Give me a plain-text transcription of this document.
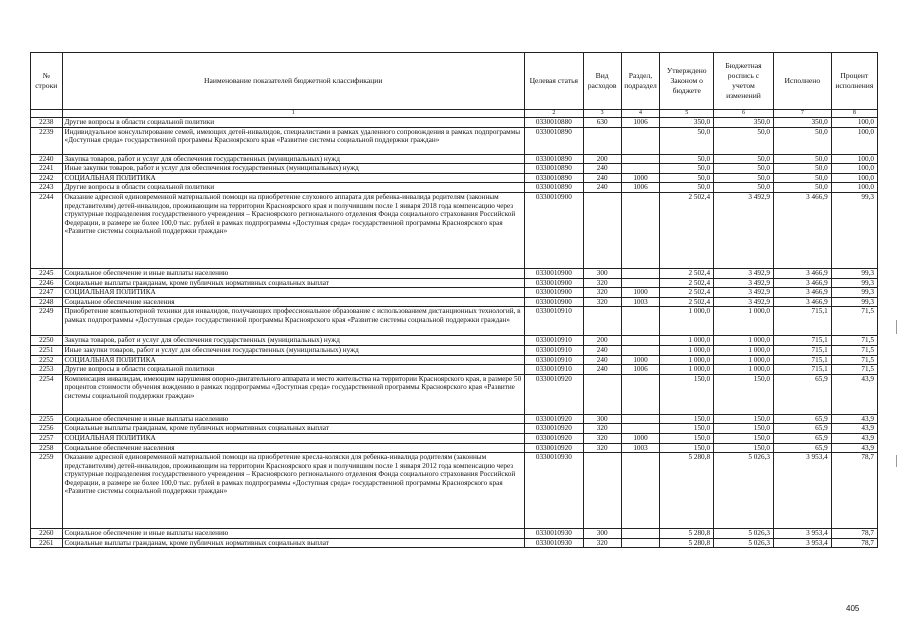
№ строки	Наименование показателей бюджетной классификации	Целевая статья	Вид расходов	Раздел, подраздел	Утверждено Законом о бюджете	Бюджетная роспись с учетом изменений	Исполнено	Процент исполнения
	1	2	3	4	5	6	7	8
2238	Другие вопросы в области социальной политики	0330010880	630	1006	350,0	350,0	350,0	100,0
2239	Индивидуальное консультирование семей, имеющих детей-инвалидов, специалистами в рамках удаленного сопровождения в рамках подпрограммы «Доступная среда» государственной программы Красноярского края «Развитие системы социальной поддержки граждан»	0330010890			50,0	50,0	50,0	100,0
2240	Закупка товаров, работ и услуг для обеспечения государственных (муниципальных) нужд	0330010890	200		50,0	50,0	50,0	100,0
2241	Иные закупки товаров, работ и услуг для обеспечения государственных (муниципальных) нужд	0330010890	240		50,0	50,0	50,0	100,0
2242	СОЦИАЛЬНАЯ ПОЛИТИКА	0330010890	240	1000	50,0	50,0	50,0	100,0
2243	Другие вопросы в области социальной политики	0330010890	240	1006	50,0	50,0	50,0	100,0
2244	Оказание адресной единовременной материальной помощи на приобретение слухового аппарата для ребенка-инвалида родителям (законным представителям) детей-инвалидов, проживающим на территории Красноярского края и получившим после 1 января 2018 года компенсацию через структурные подразделения государственного учреждения – Красноярского регионального отделения Фонда социального страхования Российской Федерации, в размере не более 100,0 тыс. рублей в рамках подпрограммы «Доступная среда» государственной программы Красноярского края «Развитие системы социальной поддержки граждан»	0330010900			2 502,4	3 492,9	3 466,9	99,3
2245	Социальное обеспечение и иные выплаты населению	0330010900	300		2 502,4	3 492,9	3 466,9	99,3
2246	Социальные выплаты гражданам, кроме публичных нормативных социальных выплат	0330010900	320		2 502,4	3 492,9	3 466,9	99,3
2247	СОЦИАЛЬНАЯ ПОЛИТИКА	0330010900	320	1000	2 502,4	3 492,9	3 466,9	99,3
2248	Социальное обеспечение населения	0330010900	320	1003	2 502,4	3 492,9	3 466,9	99,3
2249	Приобретение компьютерной техники для инвалидов, получающих профессиональное образование с использованием дистанционных технологий, в рамках подпрограммы «Доступная среда» государственной программы Красноярского края «Развитие системы социальной поддержки граждан»	0330010910			1 000,0	1 000,0	715,1	71,5
2250	Закупка товаров, работ и услуг для обеспечения государственных (муниципальных) нужд	0330010910	200		1 000,0	1 000,0	715,1	71,5
2251	Иные закупки товаров, работ и услуг для обеспечения государственных (муниципальных) нужд	0330010910	240		1 000,0	1 000,0	715,1	71,5
2252	СОЦИАЛЬНАЯ ПОЛИТИКА	0330010910	240	1000	1 000,0	1 000,0	715,1	71,5
2253	Другие вопросы в области социальной политики	0330010910	240	1006	1 000,0	1 000,0	715,1	71,5
2254	Компенсация инвалидам, имеющим нарушения опорно-двигательного аппарата и место жительства на территории Красноярского края, в размере 50 процентов стоимости обучения вождению в рамках подпрограммы «Доступная среда» государственной программы Красноярского края «Развитие системы социальной поддержки граждан»	0330010920			150,0	150,0	65,9	43,9
2255	Социальное обеспечение и иные выплаты населению	0330010920	300		150,0	150,0	65,9	43,9
2256	Социальные выплаты гражданам, кроме публичных нормативных социальных выплат	0330010920	320		150,0	150,0	65,9	43,9
2257	СОЦИАЛЬНАЯ ПОЛИТИКА	0330010920	320	1000	150,0	150,0	65,9	43,9
2258	Социальное обеспечение населения	0330010920	320	1003	150,0	150,0	65,9	43,9
2259	Оказание адресной единовременной материальной помощи на приобретение кресла-коляски для ребенка-инвалида родителям (законным представителям) детей-инвалидов, проживающим на территории Красноярского края и получившим после 1 января 2012 года компенсацию через структурные подразделения государственного учреждения – Красноярского регионального отделения Фонда социального страхования Российской Федерации, в размере не более 100,0 тыс. рублей в рамках подпрограммы «Доступная среда» государственной программы Красноярского края «Развитие системы социальной поддержки граждан»	0330010930			5 280,8	5 026,3	3 953,4	78,7
2260	Социальное обеспечение и иные выплаты населению	0330010930	300		5 280,8	5 026,3	3 953,4	78,7
2261	Социальные выплаты гражданам, кроме публичных нормативных социальных выплат	0330010930	320		5 280,8	5 026,3	3 953,4	78,7
405
